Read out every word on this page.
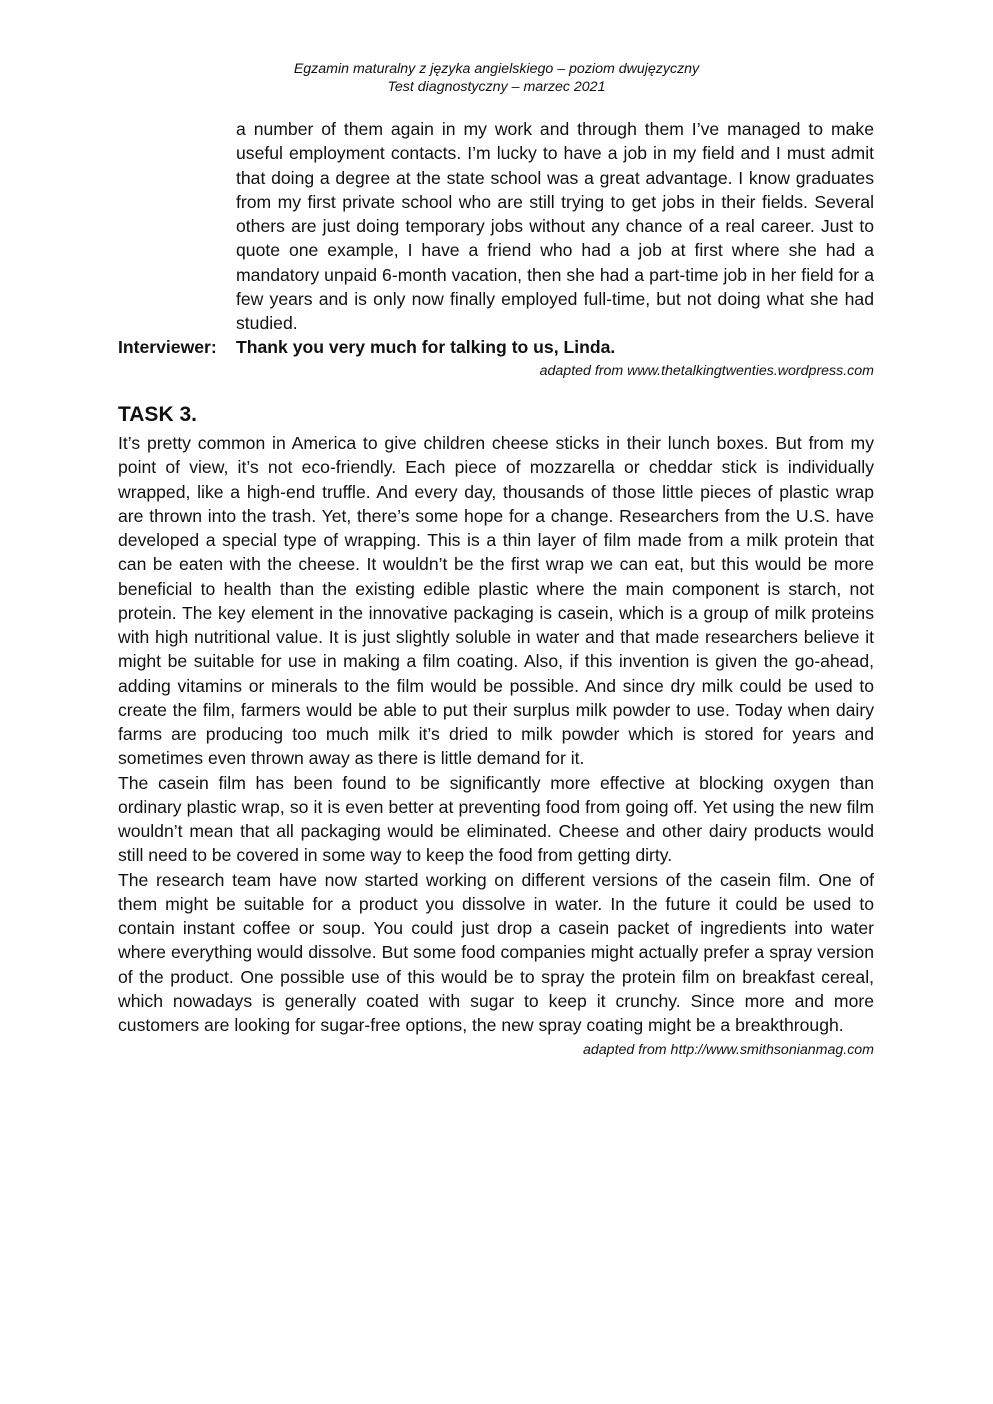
Egzamin maturalny z języka angielskiego – poziom dwujęzyczny
Test diagnostyczny – marzec 2021
a number of them again in my work and through them I’ve managed to make useful employment contacts. I’m lucky to have a job in my field and I must admit that doing a degree at the state school was a great advantage. I know graduates from my first private school who are still trying to get jobs in their fields. Several others are just doing temporary jobs without any chance of a real career. Just to quote one example, I have a friend who had a job at first where she had a mandatory unpaid 6-month vacation, then she had a part-time job in her field for a few years and is only now finally employed full-time, but not doing what she had studied.
Interviewer:	Thank you very much for talking to us, Linda.
adapted from www.thetalkingtwenties.wordpress.com
TASK 3.

It’s pretty common in America to give children cheese sticks in their lunch boxes. But from my point of view, it’s not eco-friendly. Each piece of mozzarella or cheddar stick is individually wrapped, like a high-end truffle. And every day, thousands of those little pieces of plastic wrap are thrown into the trash. Yet, there’s some hope for a change. Researchers from the U.S. have developed a special type of wrapping. This is a thin layer of film made from a milk protein that can be eaten with the cheese. It wouldn’t be the first wrap we can eat, but this would be more beneficial to health than the existing edible plastic where the main component is starch, not protein. The key element in the innovative packaging is casein, which is a group of milk proteins with high nutritional value. It is just slightly soluble in water and that made researchers believe it might be suitable for use in making a film coating. Also, if this invention is given the go-ahead, adding vitamins or minerals to the film would be possible. And since dry milk could be used to create the film, farmers would be able to put their surplus milk powder to use. Today when dairy farms are producing too much milk it’s dried to milk powder which is stored for years and sometimes even thrown away as there is little demand for it.

The casein film has been found to be significantly more effective at blocking oxygen than ordinary plastic wrap, so it is even better at preventing food from going off. Yet using the new film wouldn’t mean that all packaging would be eliminated. Cheese and other dairy products would still need to be covered in some way to keep the food from getting dirty.

The research team have now started working on different versions of the casein film. One of them might be suitable for a product you dissolve in water. In the future it could be used to contain instant coffee or soup. You could just drop a casein packet of ingredients into water where everything would dissolve. But some food companies might actually prefer a spray version of the product. One possible use of this would be to spray the protein film on breakfast cereal, which nowadays is generally coated with sugar to keep it crunchy. Since more and more customers are looking for sugar-free options, the new spray coating might be a breakthrough.

adapted from http://www.smithsonianmag.com
